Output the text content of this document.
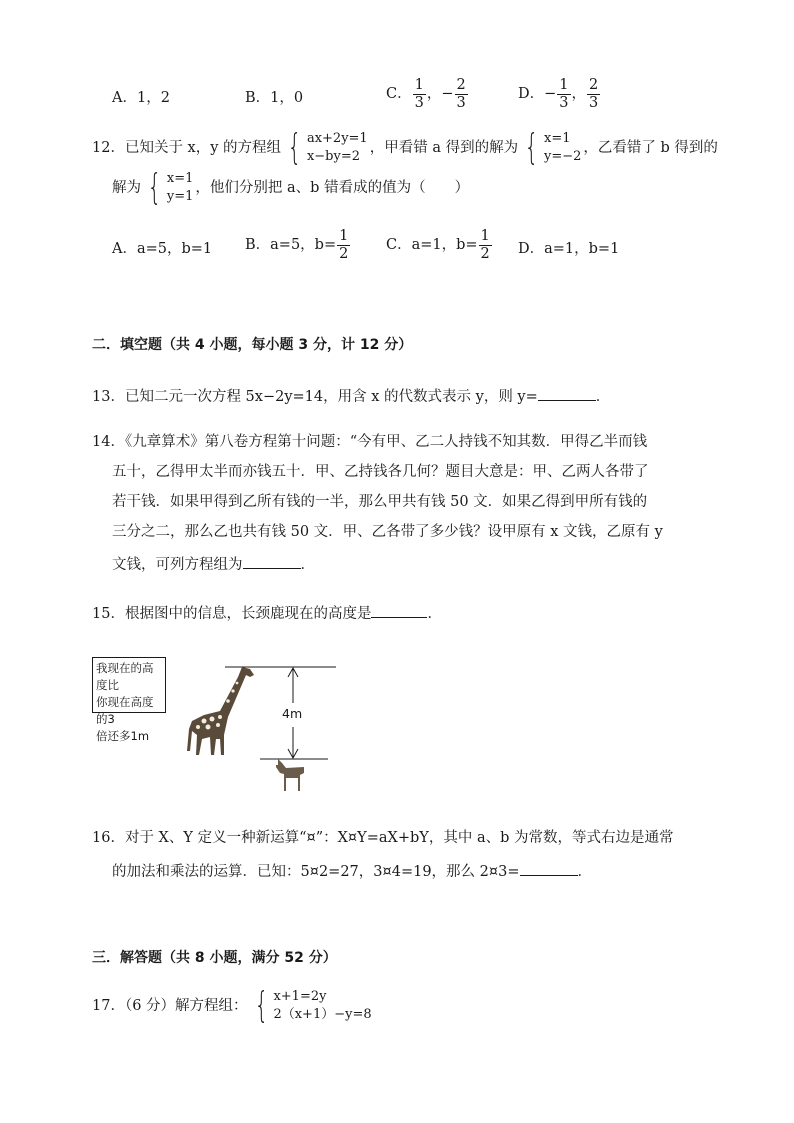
A．1，2	B．1，0	C． $\frac{1}{3}$ ，− $\frac{2}{3}$	D．− $\frac{1}{3}$ ， $\frac{2}{3}$
12．已知关于 x，y 的方程组 { ax+2y=1
x−by=2
，甲看错 a 得到的解为 { x=1
y=−2
，乙看错了 b 得到的
解为 { x=1
y=1
，他们分别把 a、b 错看成的值为（　　）
A．a=5，b=1 B．a=5，$b= \frac{1}{2}$ C．a=1，$b= \frac{1}{2}$ D．a=1，b=1
二．填空题（共 4 小题，每小题 3 分，计 12 分）
13．已知二元一次方程 5x−2y=14，用含 x 的代数式表示 y，则 y=	．
14．《九章算术》第八卷方程第十问题：“今有甲、乙二人持钱不知其数．甲得乙半而钱
五十，乙得甲太半而亦钱五十．甲、乙持钱各几何？题目大意是：甲、乙两人各带了
若干钱．如果甲得到乙所有钱的一半，那么甲共有钱 50 文．如果乙得到甲所有钱的
三分之二，那么乙也共有钱 50 文．甲、乙各带了多少钱？设甲原有 x 文钱，乙原有 y
文钱，可列方程组为	．
15．根据图中的信息，长颈鹿现在的高度是	．
我现在的高度比
你现在高度的3
倍还多1m
4m
16．对于 X、Y 定义一种新运算“¤”：X¤Y=aX+bY，其中 a、b 为常数，等式右边是通常
的加法和乘法的运算．已知：5¤2=27，3¤4=19，那么 2¤3=	．
三．解答题（共 8 小题，满分 52 分）
17．（6 分）解方程组： { x+1=2y
2（x+1）−y=8
